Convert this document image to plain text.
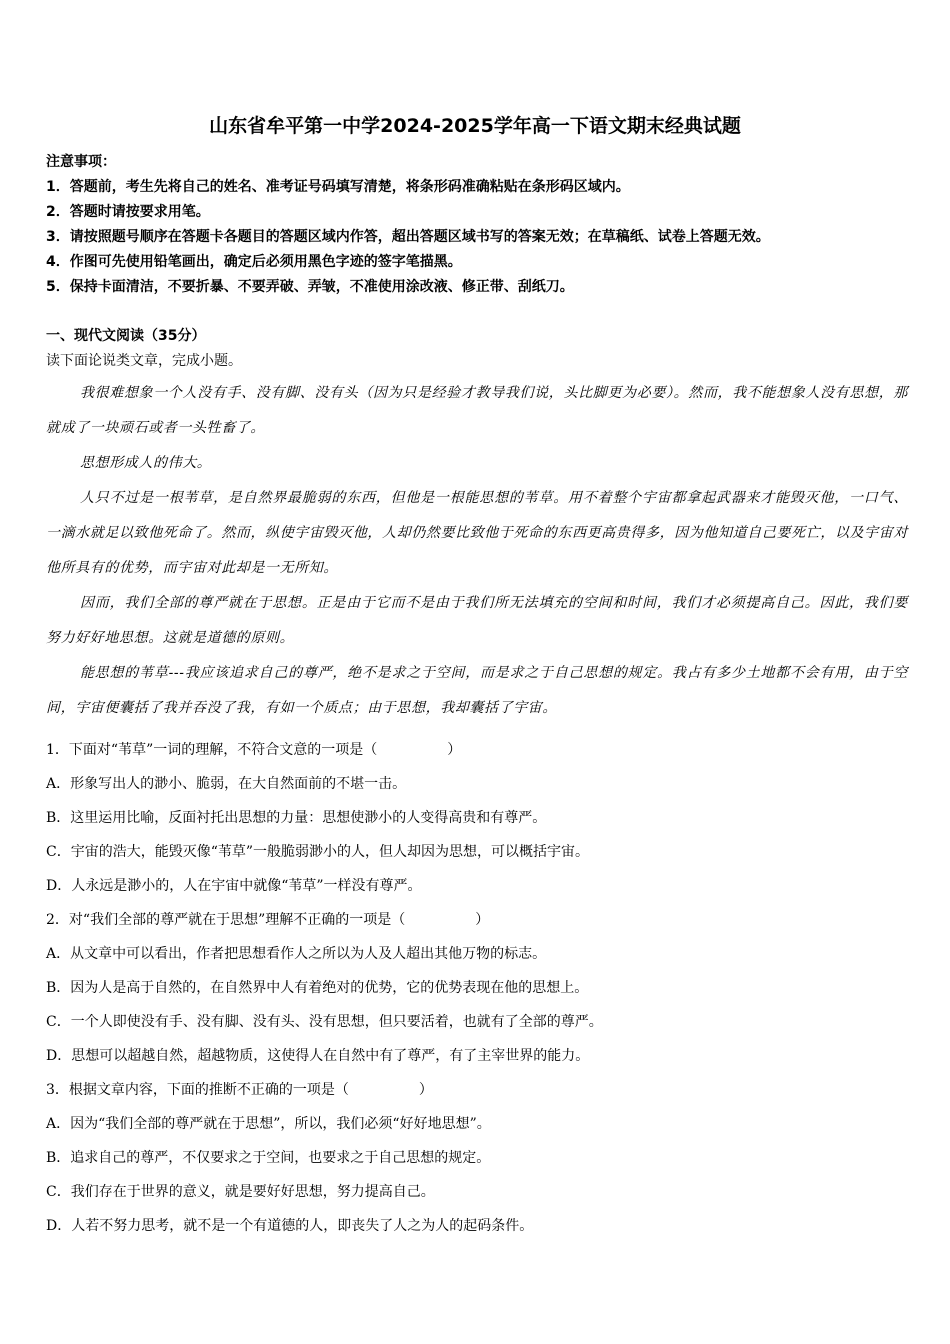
山东省牟平第一中学2024-2025学年高一下语文期末经典试题
注意事项：
1．答题前，考生先将自己的姓名、准考证号码填写清楚，将条形码准确粘贴在条形码区域内。
2．答题时请按要求用笔。
3．请按照题号顺序在答题卡各题目的答题区域内作答，超出答题区域书写的答案无效；在草稿纸、试卷上答题无效。
4．作图可先使用铅笔画出，确定后必须用黑色字迹的签字笔描黑。
5．保持卡面清洁，不要折暴、不要弄破、弄皱，不准使用涂改液、修正带、刮纸刀。
一、现代文阅读（35分）
读下面论说类文章，完成小题。

我很难想象一个人没有手、没有脚、没有头（因为只是经验才教导我们说，头比脚更为必要）。然而，我不能想象人没有思想，那就成了一块顽石或者一头牲畜了。

思想形成人的伟大。

人只不过是一根苇草，是自然界最脆弱的东西，但他是一根能思想的苇草。用不着整个宇宙都拿起武器来才能毁灭他，一口气、一滴水就足以致他死命了。然而，纵使宇宙毁灭他，人却仍然要比致他于死命的东西更高贵得多，因为他知道自己要死亡，以及宇宙对他所具有的优势，而宇宙对此却是一无所知。

因而，我们全部的尊严就在于思想。正是由于它而不是由于我们所无法填充的空间和时间，我们才必须提高自己。因此，我们要努力好好地思想。这就是道德的原则。

能思想的苇草---我应该追求自己的尊严，绝不是求之于空间，而是求之于自己思想的规定。我占有多少土地都不会有用，由于空间，宇宙便囊括了我并吞没了我，有如一个质点；由于思想，我却囊括了宇宙。

1．下面对“苇草”一词的理解，不符合文意的一项是（　　　　　）
A．形象写出人的渺小、脆弱，在大自然面前的不堪一击。
B．这里运用比喻，反面衬托出思想的力量：思想使渺小的人变得高贵和有尊严。
C．宇宙的浩大，能毁灭像“苇草”一般脆弱渺小的人，但人却因为思想，可以概括宇宙。
D．人永远是渺小的，人在宇宙中就像“苇草”一样没有尊严。
2．对“我们全部的尊严就在于思想”理解不正确的一项是（　　　　　）
A．从文章中可以看出，作者把思想看作人之所以为人及人超出其他万物的标志。
B．因为人是高于自然的，在自然界中人有着绝对的优势，它的优势表现在他的思想上。
C．一个人即使没有手、没有脚、没有头、没有思想，但只要活着，也就有了全部的尊严。
D．思想可以超越自然，超越物质，这使得人在自然中有了尊严，有了主宰世界的能力。
3．根据文章内容，下面的推断不正确的一项是（　　　　　）
A．因为“我们全部的尊严就在于思想”，所以，我们必须“好好地思想”。
B．追求自己的尊严，不仅要求之于空间，也要求之于自己思想的规定。
C．我们存在于世界的意义，就是要好好思想，努力提高自己。
D．人若不努力思考，就不是一个有道德的人，即丧失了人之为人的起码条件。
